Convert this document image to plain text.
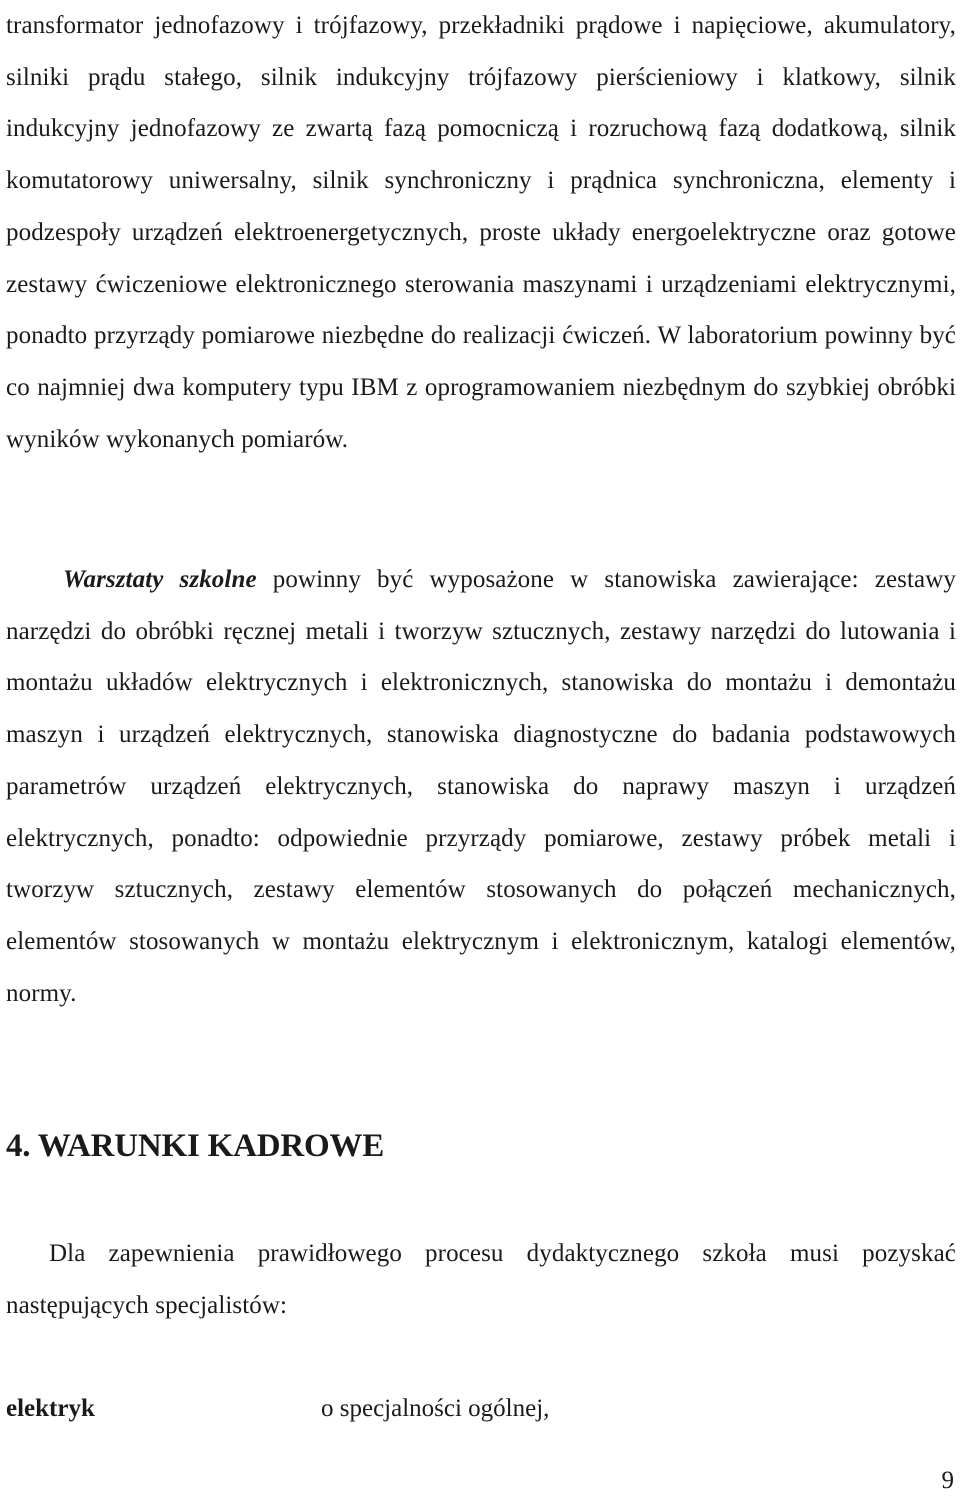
transformator jednofazowy i trójfazowy, przekładniki prądowe i napięciowe, akumulatory, silniki prądu stałego, silnik indukcyjny trójfazowy pierścieniowy i klatkowy, silnik indukcyjny jednofazowy ze zwartą fazą pomocniczą i rozruchową fazą dodatkową, silnik komutatorowy uniwersalny, silnik synchroniczny i prądnica synchroniczna, elementy i podzespoły urządzeń elektroenergetycznych, proste układy energoelektryczne oraz gotowe zestawy ćwiczeniowe elektronicznego sterowania maszynami i urządzeniami elektrycznymi, ponadto przyrządy pomiarowe niezbędne do realizacji ćwiczeń. W laboratorium powinny być co najmniej dwa komputery typu IBM z oprogramowaniem niezbędnym do szybkiej obróbki wyników wykonanych pomiarów.

Warsztaty szkolne powinny być wyposażone w stanowiska zawierające: zestawy narzędzi do obróbki ręcznej metali i tworzyw sztucznych, zestawy narzędzi do lutowania i montażu układów elektrycznych i elektronicznych, stanowiska do montażu i demontażu maszyn i urządzeń elektrycznych, stanowiska diagnostyczne do badania podstawowych parametrów urządzeń elektrycznych, stanowiska do naprawy maszyn i urządzeń elektrycznych, ponadto: odpowiednie przyrządy pomiarowe, zestawy próbek metali i tworzyw sztucznych, zestawy elementów stosowanych do połączeń mechanicznych, elementów stosowanych w montażu elektrycznym i elektronicznym, katalogi elementów, normy.

4. WARUNKI KADROWE

Dla zapewnienia prawidłowego procesu dydaktycznego szkoła musi pozyskać następujących specjalistów:

elektryk	o specjalności ogólnej,
9
